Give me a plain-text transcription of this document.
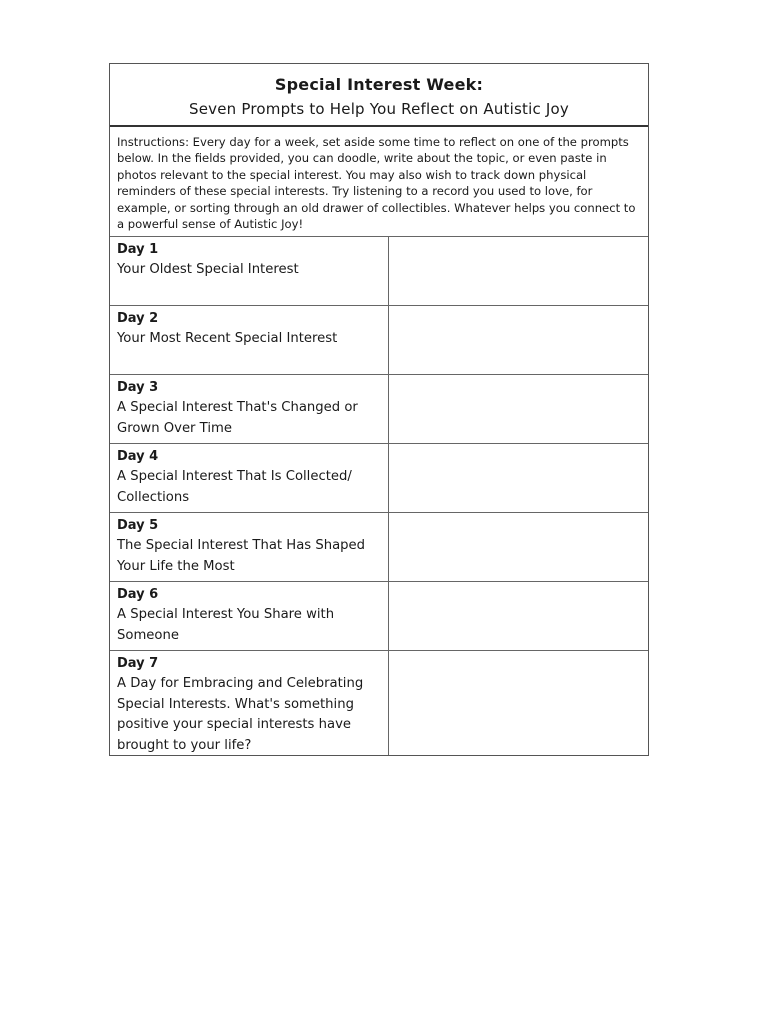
Special Interest Week:
Seven Prompts to Help You Reflect on Autistic Joy
Instructions: Every day for a week, set aside some time to reflect on one of the prompts below. In the fields provided, you can doodle, write about the topic, or even paste in photos relevant to the special interest. You may also wish to track down physical reminders of these special interests. Try listening to a record you used to love, for example, or sorting through an old drawer of collectibles. Whatever helps you connect to a powerful sense of Autistic Joy!
Day 1
Your Oldest Special Interest
Day 2
Your Most Recent Special Interest
Day 3
A Special Interest That's Changed or Grown Over Time
Day 4
A Special Interest That Is Collected/ Collections
Day 5
The Special Interest That Has Shaped Your Life the Most
Day 6
A Special Interest You Share with Someone
Day 7
A Day for Embracing and Celebrating Special Interests. What's something positive your special interests have brought to your life?
